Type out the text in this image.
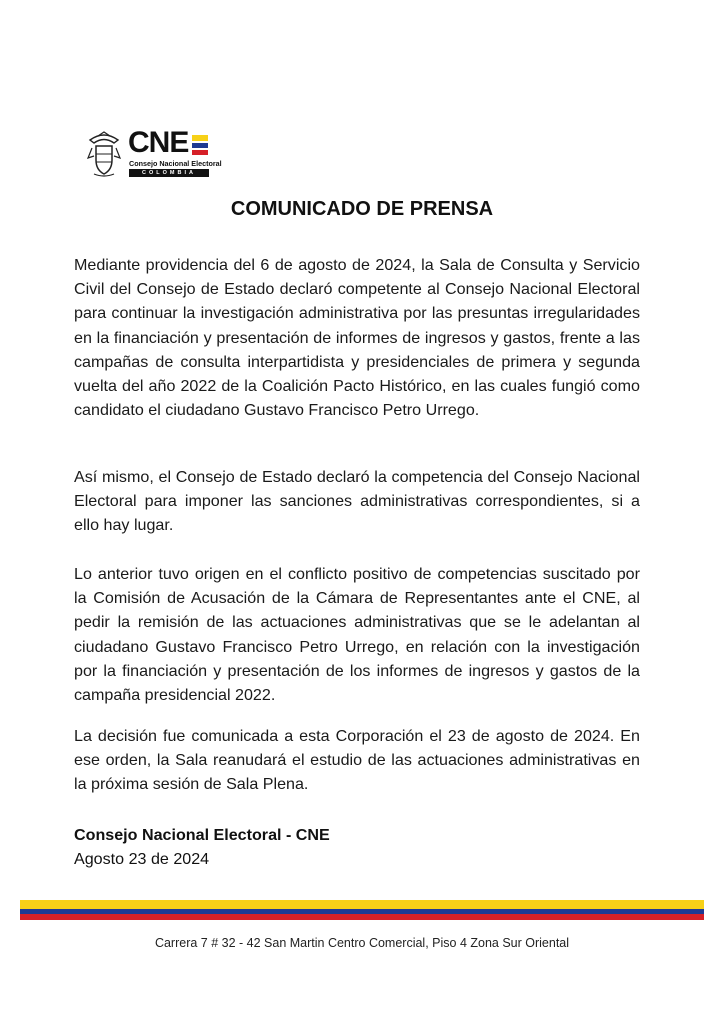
CNE
Consejo Nacional Electoral
COLOMBIA
COMUNICADO DE PRENSA

Mediante providencia del 6 de agosto de 2024, la Sala de Consulta y Servicio Civil del Consejo de Estado declaró competente al Consejo Nacional Electoral para continuar la investigación administrativa por las presuntas irregularidades en la financiación y presentación de informes de ingresos y gastos, frente a las campañas de consulta interpartidista y presidenciales de primera y segunda vuelta del año 2022 de la Coalición Pacto Histórico, en las cuales fungió como candidato el ciudadano Gustavo Francisco Petro Urrego.

Así mismo, el Consejo de Estado declaró la competencia del Consejo Nacional Electoral para imponer las sanciones administrativas correspondientes, si a ello hay lugar.

Lo anterior tuvo origen en el conflicto positivo de competencias suscitado por la Comisión de Acusación de la Cámara de Representantes ante el CNE, al pedir la remisión de las actuaciones administrativas que se le adelantan al ciudadano Gustavo Francisco Petro Urrego, en relación con la investigación por la financiación y presentación de los informes de ingresos y gastos de la campaña presidencial 2022.

La decisión fue comunicada a esta Corporación el 23 de agosto de 2024. En ese orden, la Sala reanudará el estudio de las actuaciones administrativas en la próxima sesión de Sala Plena.

Consejo Nacional Electoral - CNE
Agosto 23 de 2024
Carrera 7 # 32 - 42 San Martin Centro Comercial, Piso 4 Zona Sur Oriental
